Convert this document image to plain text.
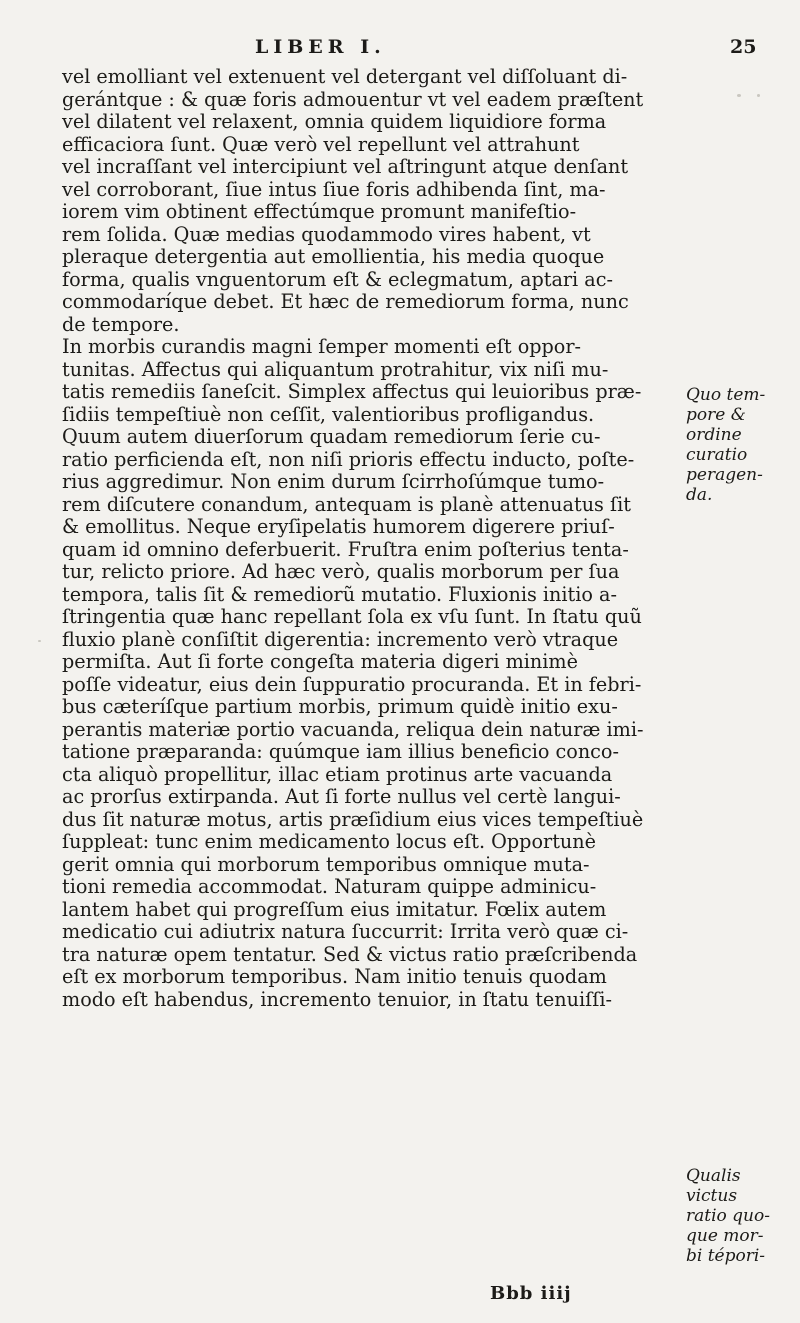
LIBER I.	25
vel emolliant vel extenuent vel detergant vel diſſoluant di-
gerántque : & quæ foris admouentur vt vel eadem præſtent
vel dilatent vel relaxent, omnia quidem liquidiore forma
efficaciora ſunt. Quæ verò vel repellunt vel attrahunt
vel incraſſant vel intercipiunt vel aſtringunt atque denſant
vel corroborant, ſiue intus ſiue foris adhibenda ſint, ma-
iorem vim obtinent effectúmque promunt manifeſtio-
rem ſolida. Quæ medias quodammodo vires habent, vt
pleraque detergentia aut emollientia, his media quoque
forma, qualis vnguentorum eſt & eclegmatum, aptari ac-
commodaríque debet. Et hæc de remediorum forma, nunc
de tempore.
In morbis curandis magni ſemper momenti eſt oppor-
tunitas. Affectus qui aliquantum protrahitur, vix niſi mu-
tatis remediis ſaneſcit. Simplex affectus qui leuioribus præ-
ſidiis tempeſtiuè non ceſſit, valentioribus profligandus.
Quum autem diuerſorum quadam remediorum ſerie cu-
ratio perficienda eſt, non niſi prioris effectu inducto, poſte-
rius aggredimur. Non enim durum ſcirrhoſúmque tumo-
rem diſcutere conandum, antequam is planè attenuatus ſit
& emollitus. Neque eryſipelatis humorem digerere priuſ-
quam id omnino deferbuerit. Fruſtra enim poſterius tenta-
tur, relicto priore. Ad hæc verò, qualis morborum per ſua
tempora, talis ſit & remediorũ mutatio. Fluxionis initio a-
ſtringentia quæ hanc repellant ſola ex vſu ſunt. In ſtatu quũ
fluxio planè conſiſtit digerentia: incremento verò vtraque
permiſta. Aut ſi forte congeſta materia digeri minimè
poſſe videatur, eius dein ſuppuratio procuranda. Et in febri-
bus cæteríſque partium morbis, primum quidè initio exu-
perantis materiæ portio vacuanda, reliqua dein naturæ imi-
tatione præparanda: quúmque iam illius beneficio conco-
cta aliquò propellitur, illac etiam protinus arte vacuanda
ac prorſus extirpanda. Aut ſi forte nullus vel certè langui-
dus ſit naturæ motus, artis præſidium eius vices tempeſtiuè
ſuppleat: tunc enim medicamento locus eſt. Opportunè
gerit omnia qui morborum temporibus omnique muta-
tioni remedia accommodat. Naturam quippe adminicu-
lantem habet qui progreſſum eius imitatur. Fœlix autem
medicatio cui adiutrix natura ſuccurrit: Irrita verò quæ ci-
tra naturæ opem tentatur. Sed & victus ratio præſcribenda
eſt ex morborum temporibus. Nam initio tenuis quodam
modo eſt habendus, incremento tenuior, in ſtatu tenuiſſi-
Quo tem-
pore &
ordine
curatio
peragen-
da.
Qualis
victus
ratio quo-
que mor-
bi tépori-
Bbb iiij
